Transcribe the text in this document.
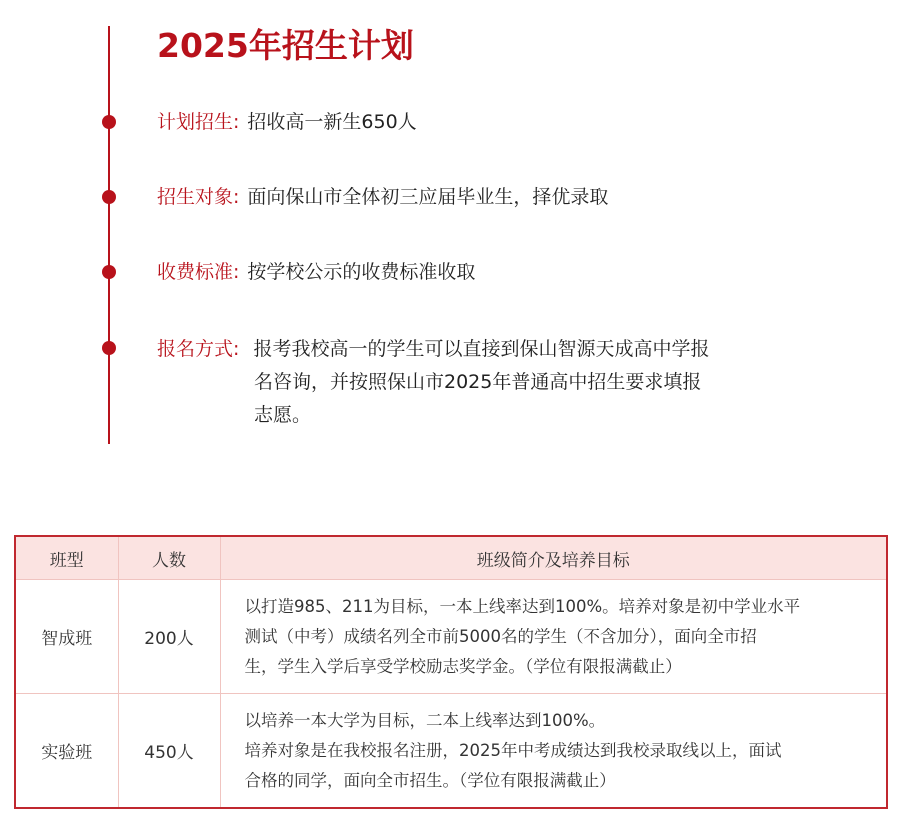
2025年招生计划
计划招生: 招收高一新生650人
招生对象: 面向保山市全体初三应届毕业生，择优录取
收费标准: 按学校公示的收费标准收取
报名方式: 报考我校高一的学生可以直接到保山智源天成高中学报
名咨询，并按照保山市2025年普通高中招生要求填报
志愿。
班型	人数	班级简介及培养目标
智成班	200人	以打造985、211为目标，一本上线率达到100%。培养对象是初中学业水平
测试（中考）成绩名列全市前5000名的学生（不含加分），面向全市招
生，学生入学后享受学校励志奖学金。（学位有限报满截止）

实验班	450人	以培养一本大学为目标，二本上线率达到100%。
培养对象是在我校报名注册，2025年中考成绩达到我校录取线以上，面试
合格的同学，面向全市招生。（学位有限报满截止）
